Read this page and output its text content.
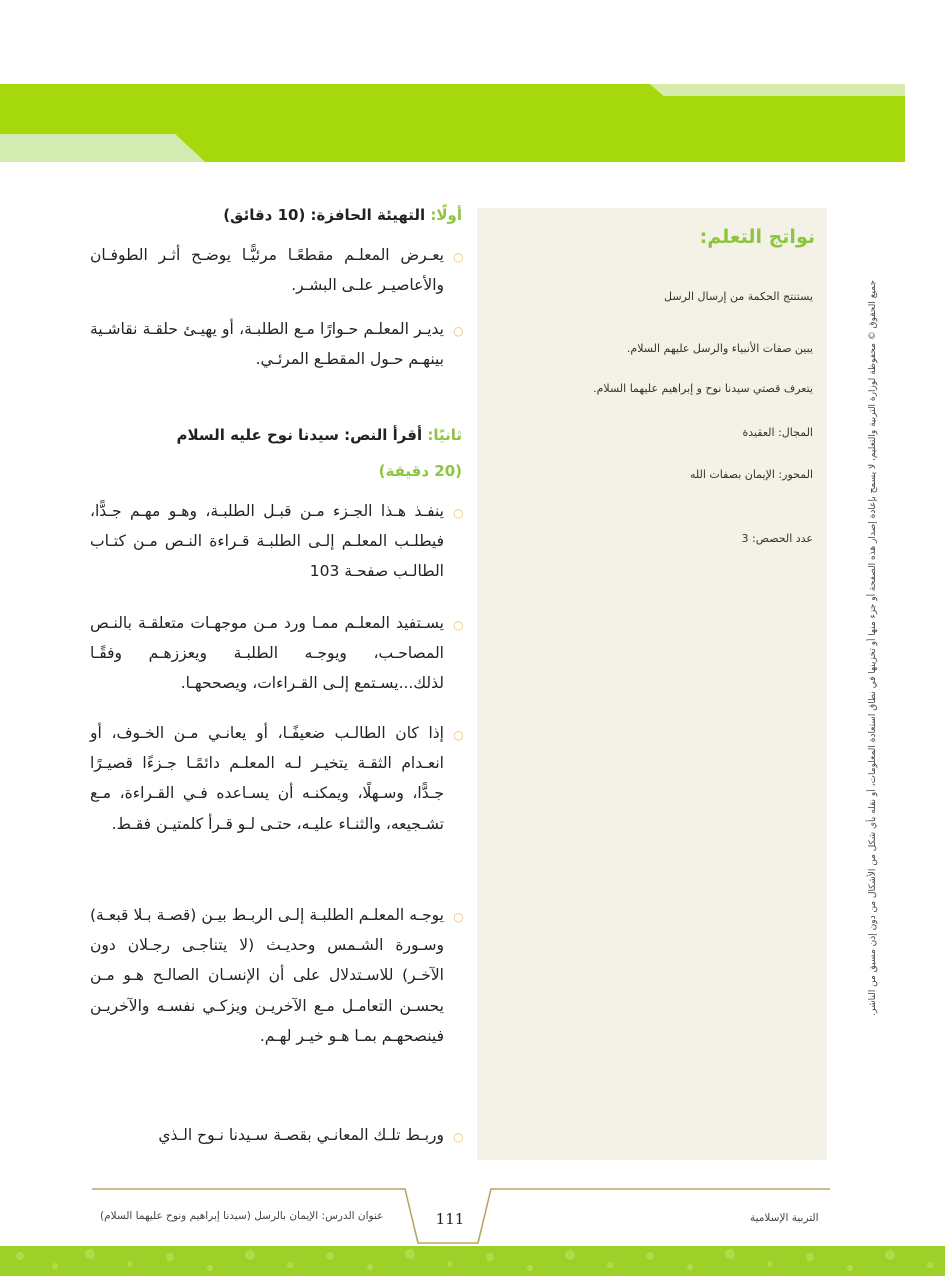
نواتج التعلم:

يستنتج الحكمة من إرسال الرسل

يبين صفات الأنبياء والرسل عليهم السلام.

يتعرف قصتي سيدنا نوح و إبراهيم عليهما السلام.

المجال: العقيدة

المحور: الإيمان بصفات الله

عدد الحصص: 3	جميع الحقوق © محفوظة لوزارة التربية والتعليم، لا يسمح بإعادة إصدار هذه الصفحة أو جزء منها أو تخزينها في نطاق استعادة المعلومات، أو نقله بأي شكل من الأشكال من دون إذن مسبق من الناشر.
أولًا: التهيئة الحافزة: (10 دقائق)
○

يعـرض المعلـم مقطعًـا مرئيًّـا يوضـح أثـر الطوفـان والأعاصيـر علـى البشـر.

○

يديـر المعلـم حـوارًا مـع الطلبـة، أو يهيـئ حلقـة نقاشـية بينهـم حـول المقطـع المرئـي.

ثانيًا: أقرأ النص: سيدنا نوح عليه السلام
(20 دقيقة)
○

ينفـذ هـذا الجـزء مـن قبـل الطلبـة، وهـو مهـم جـدًّا، فيطلـب المعلـم إلـى الطلبـة قـراءة النـص مـن كتـاب الطالـب صفحـة 103

○

يسـتفيد المعلـم ممـا ورد مـن موجهـات متعلقـة بالنـص المصاحـب، ويوجـه الطلبـة ويعززهـم وفقًـا لذلك...يسـتمع إلـى القـراءات، ويصححهـا.

○

إذا كان الطالـب ضعيفًـا، أو يعانـي مـن الخـوف، أو انعـدام الثقـة يتخيـر لـه المعلـم دائمًـا جـزءًا قصيـرًا جـدًّا، وسـهلًا، ويمكنـه أن يسـاعده فـي القـراءة، مـع تشـجيعه، والثنـاء عليـه، حتـى لـو قـرأ كلمتيـن فقـط.

○

يوجـه المعلـم الطلبـة إلـى الربـط بيـن (قصـة بـلا قبعـة) وسـورة الشـمس وحديـث (لا يتناجـى رجـلان دون الآخـر) للاسـتدلال على أن الإنسـان الصالـح هـو مـن يحسـن التعامـل مـع الآخريـن ويزكـي نفسـه والآخريـن فينصحهـم بمـا هـو خيـر لهـم.

○

وربـط تلـك المعانـي بقصـة سـيدنا نـوح الـذي

عنوان الدرس: الإيمان بالرسل (سيدنا إبراهيم ونوح عليهما السلام)	111	التربية الإسلامية
